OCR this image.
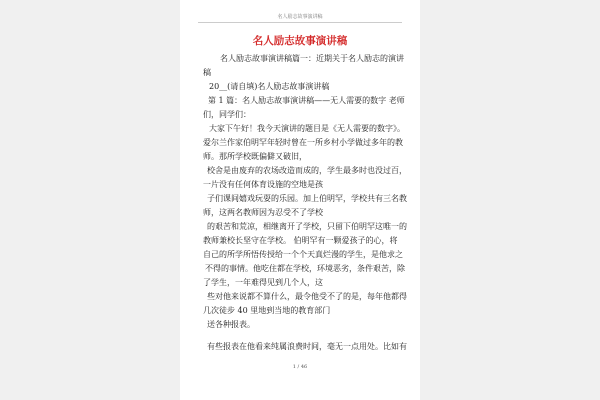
名人励志故事演讲稿
名人励志故事演讲稿
名人励志故事演讲稿篇一：近期关于名人励志的演讲
稿
20__(请自填)名人励志故事演讲稿
第 1 篇：名人励志故事演讲稿——无人需要的数字 老师
们，同学们：
大家下午好！我今天演讲的题目是《无人需要的数字》。
爱尔兰作家伯明罕年轻时曾在一所乡村小学做过多年的教
师。那所学校既偏僻又破旧，
校舍是由废弃的农场改造而成的，学生最多时也没过百，
一片没有任何体育设施的空地是孩
子们课间嬉戏玩耍的乐园。加上伯明罕，学校共有三名教
师，这两名教师因为忍受不了学校
的艰苦和荒凉，相继离开了学校，只留下伯明罕这唯一的
教师兼校长坚守在学校。 伯明罕有一颗爱孩子的心，将
自己的所学所悟传授给一个个天真烂漫的学生，是他求之
不得的事情。他吃住都在学校，环境恶劣，条件艰苦，除
了学生，一年难得见到几个人，这
些对他来说都不算什么，最令他受不了的是，每年他都得
几次徒步 40 里地到当地的教育部门
送各种报表。
有些报表在他看来纯属浪费时间，毫无一点用处。比如有
1 / 46
